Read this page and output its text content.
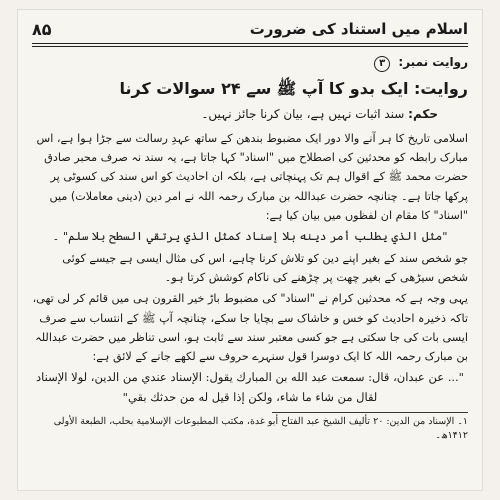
٨۵	اسلام میں استناد کی ضرورت
روایت نمبر: ۳
روایت: ایک بدو کا آپ ﷺ سے ۲۴ سوالات کرنا
حکم: سند اثبات نہیں ہے، بیان کرنا جائز نہیں۔

اسلامی تاریخ کا ہر آنے والا دور ایک مضبوط بندھن کے ساتھ عہدِ رسالت سے جڑا ہوا ہے، اس مبارک رابطہ کو محدثین کی اصطلاح میں "اسناد" کہا جاتا ہے، یہ سند نہ صرف محبر صادق حضرت محمد ﷺ کے اقوال ہم تک پہنچاتی ہے، بلکہ ان احادیث کو اس سند کی کسوٹی پر پرکھا جاتا ہے۔ چنانچہ حضرت عبداللہ بن مبارک رحمہ اللہ نے امر دین (دینی معاملات) میں "اسناد" کا مقام ان لفظوں میں بیان کیا ہے:

"مثل الذي يطلب أمر دينه بلا إسناد كمثل الذي يرتقي السطح بلا سلم" ۔

جو شخص سند کے بغیر اپنے دین کو تلاش کرنا چاہے، اس کی مثال ایسی ہے جیسے کوئی شخص سیڑھی کے بغیر چھت پر چڑھنے کی ناکام کوشش کرتا ہو۔

یہی وجہ ہے کہ محدثین کرام نے "اسناد" کی مضبوط باڑ خیر القرون ہی میں قائم کر لی تھی، تاکہ ذخیرہ احادیث کو خس و خاشاک سے بچایا جا سکے، چنانچہ آپ ﷺ کے انتساب سے صرف ایسی بات کی جا سکتی ہے جو کسی معتبر سند سے ثابت ہو، اسی تناظر میں حضرت عبداللہ بن مبارک رحمہ اللہ کا ایک دوسرا قول سنہرے حروف سے لکھے جانے کے لائق ہے:

"... عن عبدان، قال: سمعت عبد الله بن المبارك يقول: الإسناد عندي من الدين، لولا الإسناد لقال من شاء ما شاء، ولكن إذا قيل له من حدثك بقي"

۱۔ الإسناد من الدين: ۲۰ تأليف الشيخ عبد الفتاح أبو غدة، مكتب المطبوعات الإسلامية بحلب، الطبعة الأولى ۱۴۱۲ھ۔
